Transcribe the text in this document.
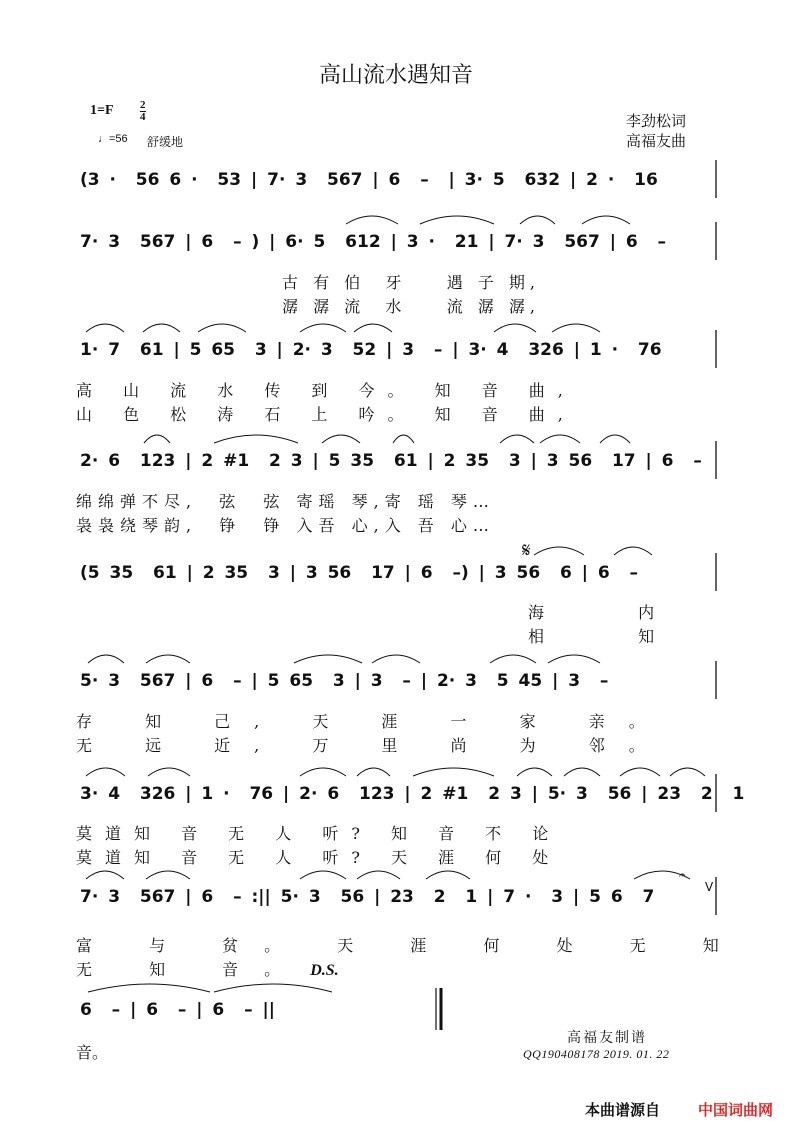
高山流水遇知音
1=F 2
4
♩=56 舒缓地
李劲松词
高福友曲
(3 ·  56 6 ·  53 | 7· 3  567 | 6  –  | 3· 5  632 | 2 ·  16
7· 3  567 | 6  – ) | 6· 5  612 | 3 ·  21 | 7· 3  567 | 6  –
古 有 伯  牙    遇 子 期,
潺 潺 流  水    流 潺 潺,
1· 7  61 | 5 65  3 | 2· 3  52 | 3  – | 3· 4  326 | 1 ·  76
高 山 流 水 传 到 今。 知 音 曲,
山 色 松 涛 石 上 吟。 知 音 曲,
2· 6  123 | 2 #1  2 3 | 5 35  61 | 2 35  3 | 3 56  17 | 6  –
绵绵弹不尽,  弦  弦 寄瑶 琴,寄 瑶 琴…
袅袅绕琴韵,  铮  铮 入吾 心,入 吾 心…
(5 35  61 | 2 35  3 | 3 56  17 | 6  –) | 3 56  6 | 6  –
海  内
相  知
5· 3  567 | 6  – | 5 65  3 | 3  – | 2· 3  5 45 | 3  –
存 知 己, 天 涯 一 家 亲。
无 远 近, 万 里 尚 为 邻。
3· 4  326 | 1 ·  76 | 2· 6  123 | 2 #1  2 3 | 5· 3  56 | 23  2  1
莫道知 音 无 人 听? 知 音 不 论
莫道知 音 无 人 听? 天 涯 何 处
7· 3  567 | 6  – :|| 5· 3  56 | 23  2  1 | 7 ·  3 | 5 6  7
富 与 贫。 天 涯 何 处 无 知
无 知 音。 D.S.
6  – | 6  – | 6  – ||
音。
𝄋
𝄐
V
高福友制谱
QQ190408178 2019. 01. 22
本曲谱源自	中国词曲网
